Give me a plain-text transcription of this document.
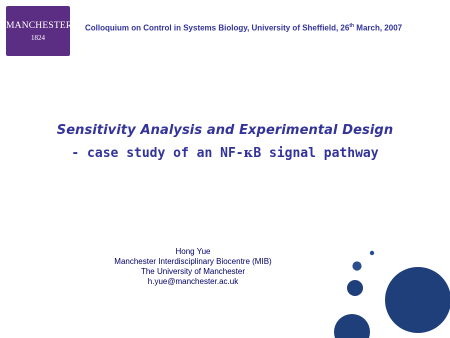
MANCHESTER
1824
Colloquium on Control in Systems Biology, University of Sheffield, 26th March, 2007
Sensitivity Analysis and Experimental Design
- case study of an NF-κB signal pathway
Hong Yue
Manchester Interdisciplinary Biocentre (MIB)
The University of Manchester
h.yue@manchester.ac.uk
